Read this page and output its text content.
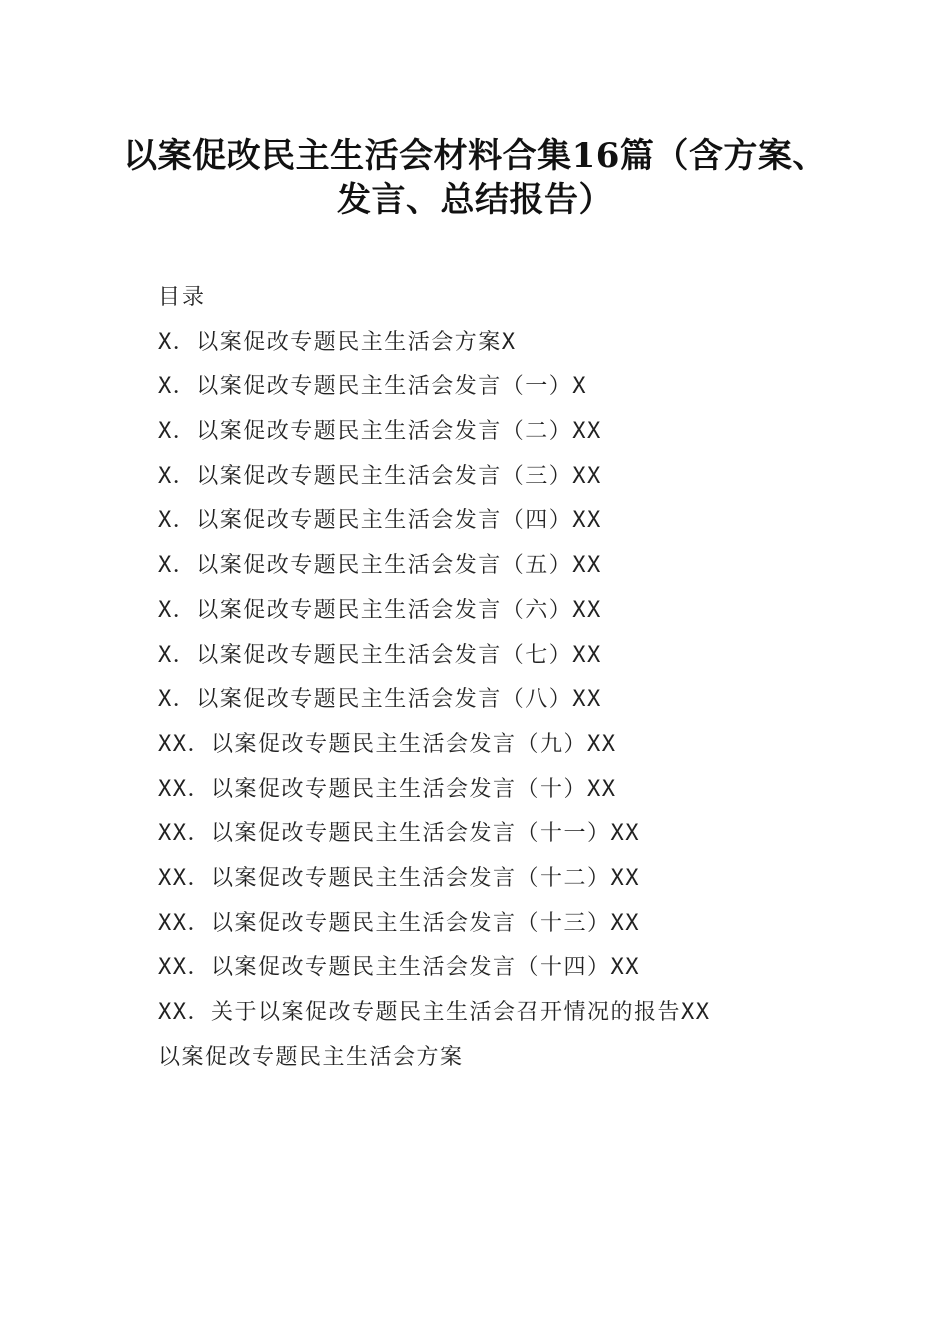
以案促改民主生活会材料合集16篇（含方案、
发言、总结报告）
目录
X．以案促改专题民主生活会方案X
X．以案促改专题民主生活会发言（一）X
X．以案促改专题民主生活会发言（二）XX
X．以案促改专题民主生活会发言（三）XX
X．以案促改专题民主生活会发言（四）XX
X．以案促改专题民主生活会发言（五）XX
X．以案促改专题民主生活会发言（六）XX
X．以案促改专题民主生活会发言（七）XX
X．以案促改专题民主生活会发言（八）XX
XX．以案促改专题民主生活会发言（九）XX
XX．以案促改专题民主生活会发言（十）XX
XX．以案促改专题民主生活会发言（十一）XX
XX．以案促改专题民主生活会发言（十二）XX
XX．以案促改专题民主生活会发言（十三）XX
XX．以案促改专题民主生活会发言（十四）XX
XX．关于以案促改专题民主生活会召开情况的报告XX
以案促改专题民主生活会方案
